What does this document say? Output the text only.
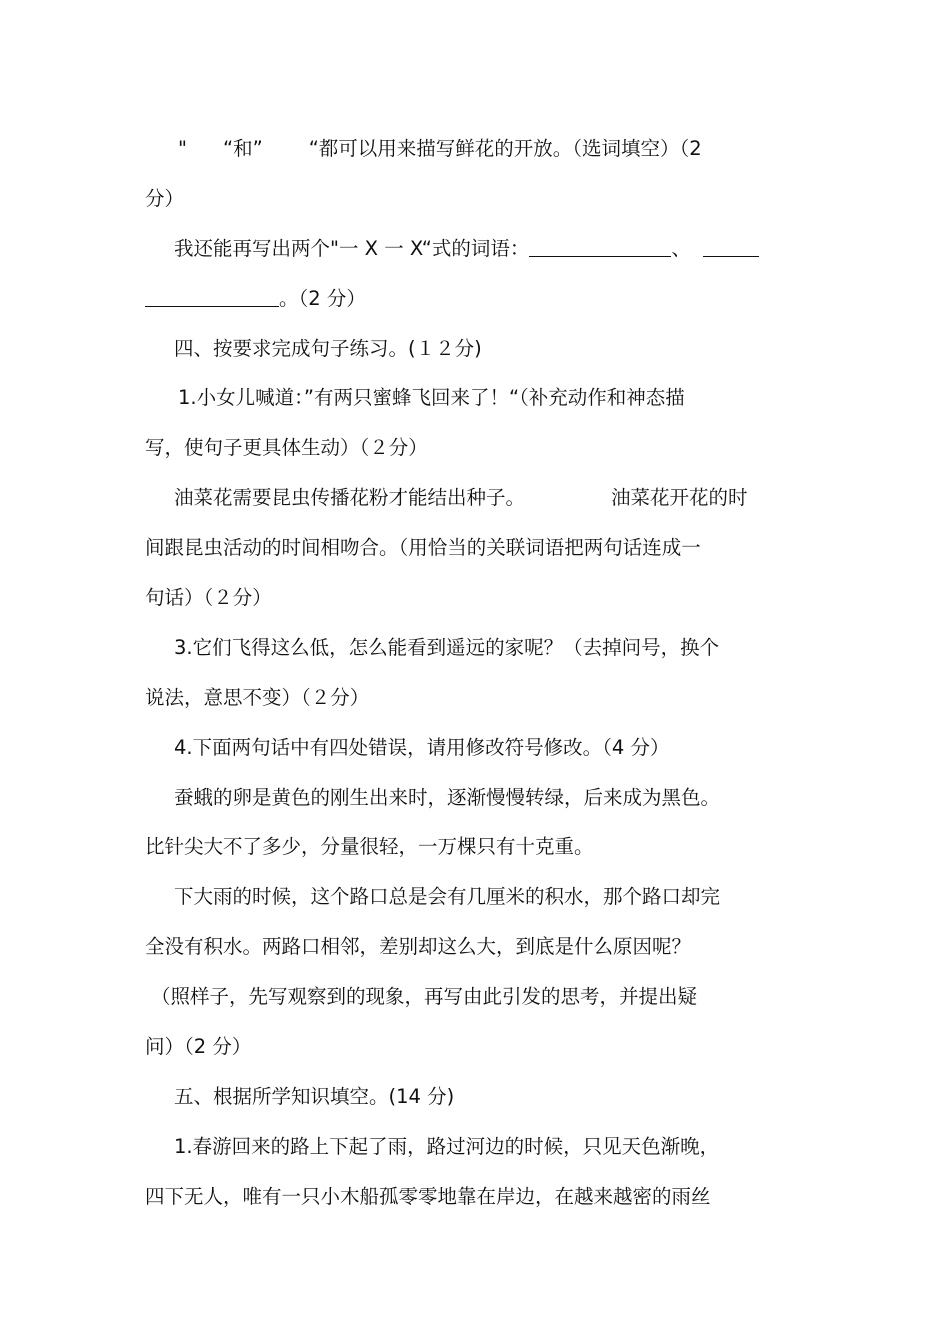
" “和” “都可以用来描写鲜花的开放。（选词填空）（2
分）
我还能再写出两个"一 X 一 X“式的词语：	、
。（2 分）
四、按要求完成句子练习。(１２分)
1.小女儿喊道：”有两只蜜蜂飞回来了！“（补充动作和神态描
写，使句子更具体生动）（２分）
油菜花需要昆虫传播花粉才能结出种子。	油菜花开花的时
间跟昆虫活动的时间相吻合。（用恰当的关联词语把两句话连成一
句话）（２分）
3.它们飞得这么低，怎么能看到遥远的家呢？（去掉问号，换个
说法，意思不变）（２分）
4.下面两句话中有四处错误，请用修改符号修改。（4 分）
蚕蛾的卵是黄色的刚生出来时，逐渐慢慢转绿，后来成为黑色。
比针尖大不了多少，分量很轻，一万棵只有十克重。
下大雨的时候，这个路口总是会有几厘米的积水，那个路口却完
全没有积水。两路口相邻，差别却这么大，到底是什么原因呢？
（照样子，先写观察到的现象，再写由此引发的思考，并提出疑
问）（2 分）
五、根据所学知识填空。(14 分)
1.春游回来的路上下起了雨，路过河边的时候，只见天色渐晚，
四下无人，唯有一只小木船孤零零地靠在岸边，在越来越密的雨丝
